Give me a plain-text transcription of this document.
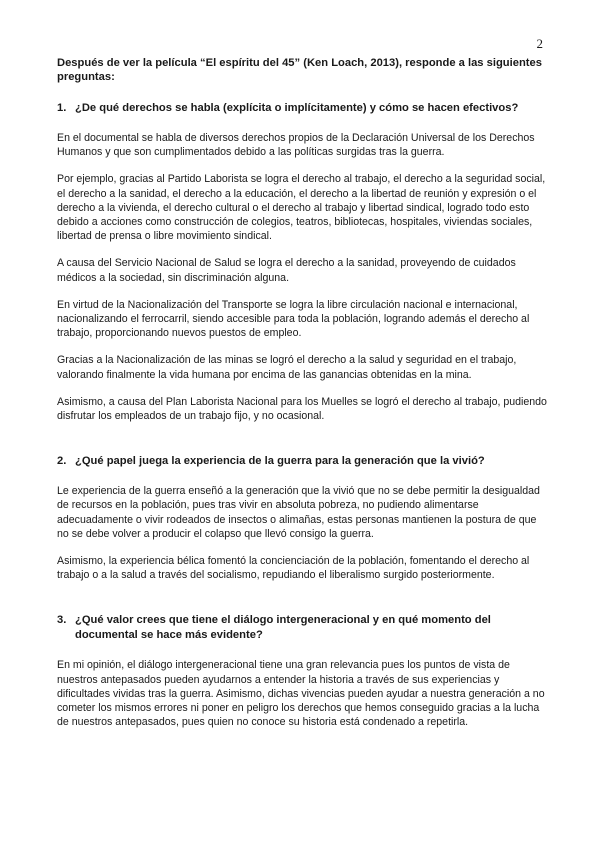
2

Después de ver la película “El espíritu del 45” (Ken Loach, 2013), responde a las siguientes preguntas:

1. ¿De qué derechos se habla (explícita o implícitamente) y cómo se hacen efectivos?

En el documental se habla de diversos derechos propios de la Declaración Universal de los Derechos Humanos y que son cumplimentados debido a las políticas surgidas tras la guerra.

Por ejemplo, gracias al Partido Laborista se logra el derecho al trabajo, el derecho a la seguridad social, el derecho a la sanidad, el derecho a la educación, el derecho a la libertad de reunión y expresión o el derecho a la vivienda, el derecho cultural o el derecho al trabajo y libertad sindical, logrado todo esto debido a acciones como construcción de colegios, teatros, bibliotecas, hospitales, viviendas sociales, libertad de prensa o libre movimiento sindical.

A causa del Servicio Nacional de Salud se logra el derecho a la sanidad, proveyendo de cuidados médicos a la sociedad, sin discriminación alguna.

En virtud de la Nacionalización del Transporte se logra la libre circulación nacional e internacional, nacionalizando el ferrocarril, siendo accesible para toda la población, logrando además el derecho al trabajo, proporcionando nuevos puestos de empleo.

Gracias a la Nacionalización de las minas se logró el derecho a la salud y seguridad en el trabajo, valorando finalmente la vida humana por encima de las ganancias obtenidas en la mina.

Asimismo, a causa del Plan Laborista Nacional para los Muelles se logró el derecho al trabajo, pudiendo disfrutar los empleados de un trabajo fijo, y no ocasional.

2. ¿Qué papel juega la experiencia de la guerra para la generación que la vivió?

Le experiencia de la guerra enseñó a la generación que la vivió que no se debe permitir la desigualdad de recursos en la población, pues tras vivir en absoluta pobreza, no pudiendo alimentarse adecuadamente o vivir rodeados de insectos o alimañas, estas personas mantienen la postura de que no se debe volver a producir el colapso que llevó consigo la guerra.

Asimismo, la experiencia bélica fomentó la concienciación de la población, fomentando el derecho al trabajo o a la salud a través del socialismo, repudiando el liberalismo surgido posteriormente.

3. ¿Qué valor crees que tiene el diálogo intergeneracional y en qué momento del documental se hace más evidente?

En mi opinión, el diálogo intergeneracional tiene una gran relevancia pues los puntos de vista de nuestros antepasados pueden ayudarnos a entender la historia a través de sus experiencias y dificultades vividas tras la guerra. Asimismo, dichas vivencias pueden ayudar a nuestra generación a no cometer los mismos errores ni poner en peligro los derechos que hemos conseguido gracias a la lucha de nuestros antepasados, pues quien no conoce su historia está condenado a repetirla.
